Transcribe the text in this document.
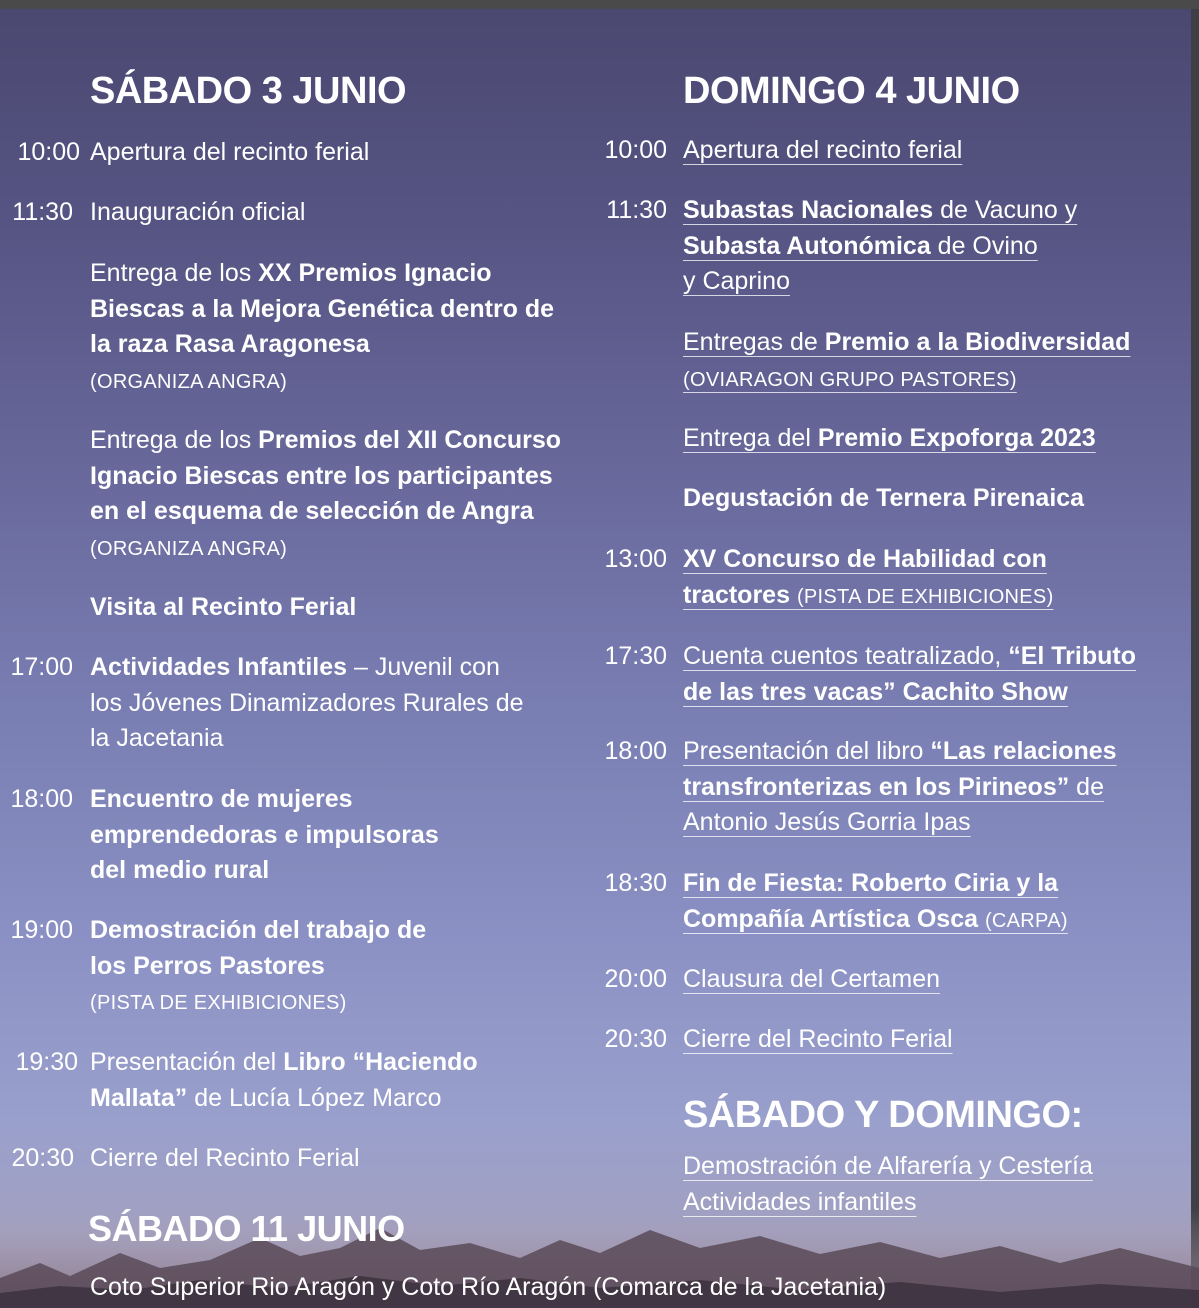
SÁBADO 3 JUNIO
10:00 Apertura del recinto ferial
11:30 Inauguración oficial
Entrega de los XX Premios Ignacio Biescas a la Mejora Genética dentro de la raza Rasa Aragonesa
(ORGANIZA ANGRA)
Entrega de los Premios del XII Concurso Ignacio Biescas entre los participantes en el esquema de selección de Angra (ORGANIZA ANGRA)
Visita al Recinto Ferial
17:00 Actividades Infantiles – Juvenil con los Jóvenes Dinamizadores Rurales de la Jacetania
18:00 Encuentro de mujeres emprendedoras e impulsoras del medio rural
19:00 Demostración del trabajo de los Perros Pastores
(PISTA DE EXHIBICIONES)
19:30 Presentación del Libro “Haciendo Mallata” de Lucía López Marco
20:30 Cierre del Recinto Ferial
SÁBADO 11 JUNIO
Coto Superior Rio Aragón y Coto Río Aragón (Comarca de la Jacetania)
DOMINGO 4 JUNIO
10:00 Apertura del recinto ferial
11:30 Subastas Nacionales de Vacuno y
Subasta Autonómica de Ovino
y Caprino
Entregas de Premio a la Biodiversidad
(OVIARAGON GRUPO PASTORES)
Entrega del Premio Expoforga 2023
Degustación de Ternera Pirenaica
13:00 XV Concurso de Habilidad con tractores (PISTA DE EXHIBICIONES)
17:30 Cuenta cuentos teatralizado, “El Tributo de las tres vacas” Cachito Show
18:00 Presentación del libro “Las relaciones transfronterizas en los Pirineos” de Antonio Jesús Gorria Ipas
18:30 Fin de Fiesta: Roberto Ciria y la Compañía Artística Osca (CARPA)
20:00 Clausura del Certamen
20:30 Cierre del Recinto Ferial
SÁBADO Y DOMINGO:
Demostración de Alfarería y Cestería
Actividades infantiles
